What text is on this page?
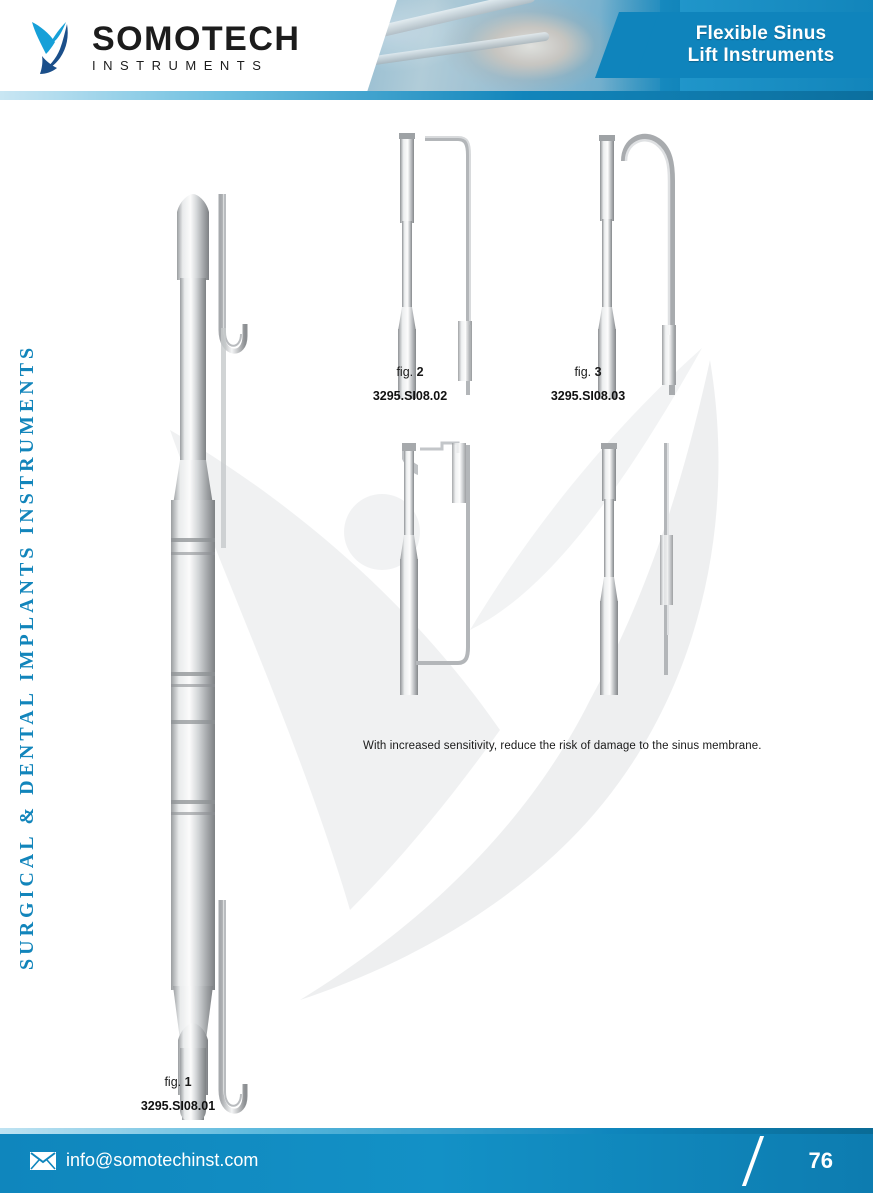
SOMOTECH
INSTRUMENTS
Flexible Sinus
Lift Instruments
SURGICAL & DENTAL IMPLANTS INSTRUMENTS
fig. 1
3295.SI08.01
fig. 2
3295.SI08.02
fig. 3
3295.SI08.03
With increased sensitivity, reduce the risk of damage to the sinus membrane.
info@somotechinst.com	76
